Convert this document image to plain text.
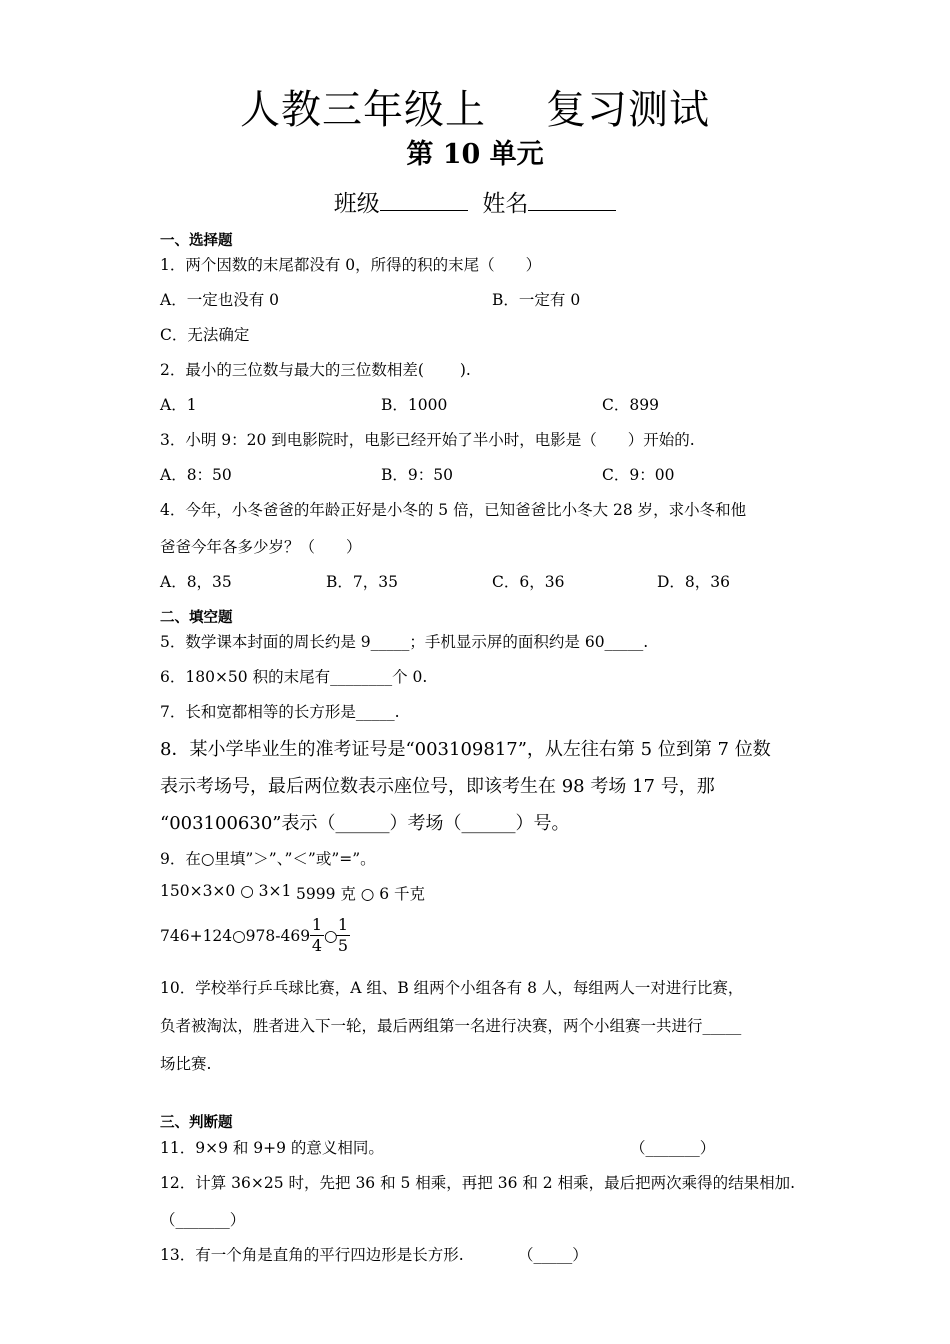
人教三年级上 复习测试
第 10 单元
班级	姓名
一、选择题
1．两个因数的末尾都没有 0，所得的积的末尾（　　）
A．一定也没有 0	B．一定有 0
C．无法确定
2．最小的三位数与最大的三位数相差(　　 ).
A．1	B．1000	C．899
3．小明 9：20 到电影院时，电影已经开始了半小时，电影是（　　）开始的.
A．8：50	B．9：50	C．9：00
4．今年，小冬爸爸的年龄正好是小冬的 5 倍，已知爸爸比小冬大 28 岁，求小冬和他
爸爸今年各多少岁？（　　）
A．8，35	B．7，35	C．6，36	D．8，36
二、填空题
5．数学课本封面的周长约是 9_____；手机显示屏的面积约是 60_____.
6．180×50 积的末尾有________个 0.
7．长和宽都相等的长方形是_____.
8．某小学毕业生的准考证号是“003109817”，从左往右第 5 位到第 7 位数
表示考场号，最后两位数表示座位号，即该考生在 98 考场 17 号，那
“003100630”表示（______）考场（______）号。
9．在○里填”＞”、”＜”或”=”。
150×3×0 ○ 3×1 5999 克 ○ 6 千克
746+124○978-469
1
4 ○
1
5
10．学校举行乒乓球比赛，A 组、B 组两个小组各有 8 人，每组两人一对进行比赛，
负者被淘汰，胜者进入下一轮，最后两组第一名进行决赛，两个小组赛一共进行_____
场比赛.
三、判断题
11．9×9 和 9+9 的意义相同。	（_______）
12．计算 36×25 时，先把 36 和 5 相乘，再把 36 和 2 相乘，最后把两次乘得的结果相加.
（_______）
13．有一个角是直角的平行四边形是长方形.	（_____）
